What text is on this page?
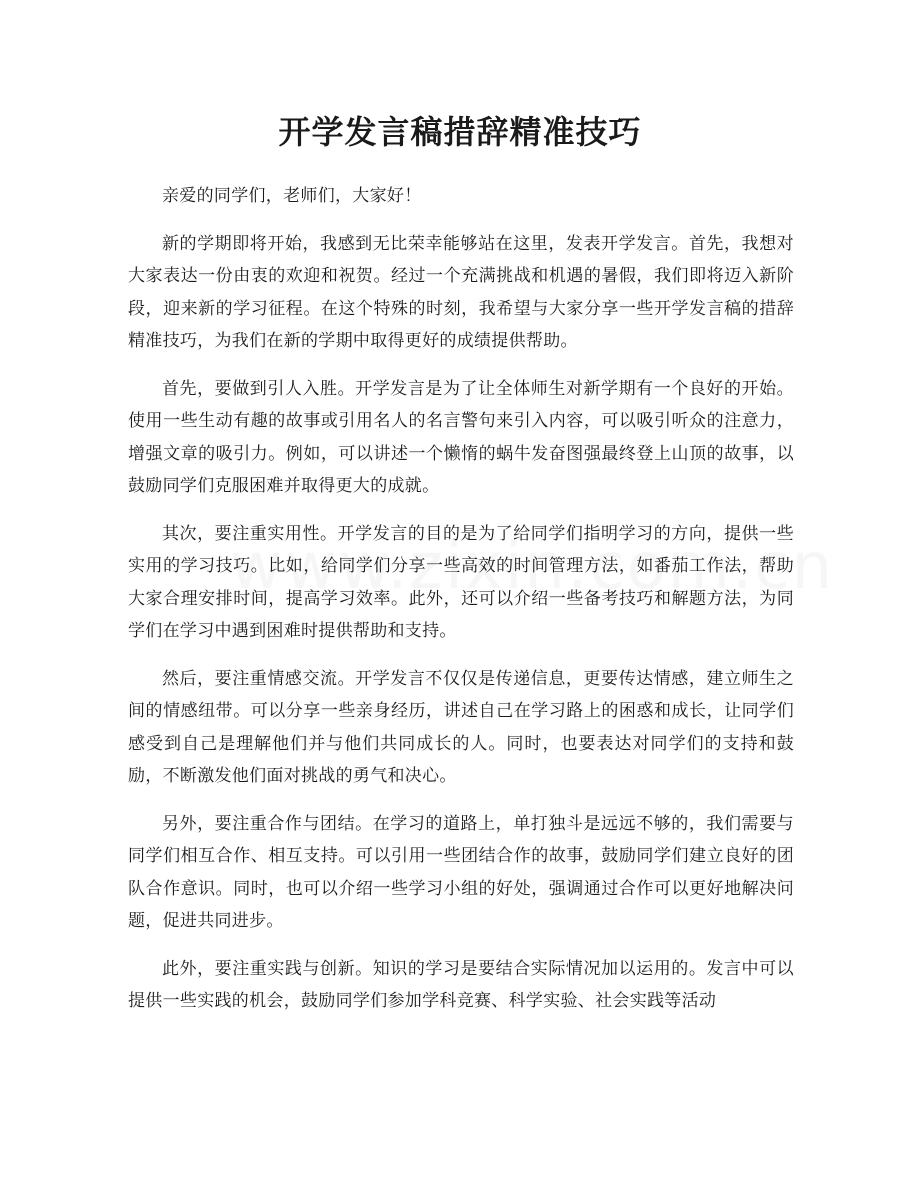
开学发言稿措辞精准技巧

亲爱的同学们，老师们，大家好！

新的学期即将开始，我感到无比荣幸能够站在这里，发表开学发言。首先，我想对大家表达一份由衷的欢迎和祝贺。经过一个充满挑战和机遇的暑假，我们即将迈入新阶段，迎来新的学习征程。在这个特殊的时刻，我希望与大家分享一些开学发言稿的措辞精准技巧，为我们在新的学期中取得更好的成绩提供帮助。

首先，要做到引人入胜。开学发言是为了让全体师生对新学期有一个良好的开始。使用一些生动有趣的故事或引用名人的名言警句来引入内容，可以吸引听众的注意力，增强文章的吸引力。例如，可以讲述一个懒惰的蜗牛发奋图强最终登上山顶的故事，以鼓励同学们克服困难并取得更大的成就。

其次，要注重实用性。开学发言的目的是为了给同学们指明学习的方向，提供一些实用的学习技巧。比如，给同学们分享一些高效的时间管理方法，如番茄工作法，帮助大家合理安排时间，提高学习效率。此外，还可以介绍一些备考技巧和解题方法，为同学们在学习中遇到困难时提供帮助和支持。

然后，要注重情感交流。开学发言不仅仅是传递信息，更要传达情感，建立师生之间的情感纽带。可以分享一些亲身经历，讲述自己在学习路上的困惑和成长，让同学们感受到自己是理解他们并与他们共同成长的人。同时，也要表达对同学们的支持和鼓励，不断激发他们面对挑战的勇气和决心。

另外，要注重合作与团结。在学习的道路上，单打独斗是远远不够的，我们需要与同学们相互合作、相互支持。可以引用一些团结合作的故事，鼓励同学们建立良好的团队合作意识。同时，也可以介绍一些学习小组的好处，强调通过合作可以更好地解决问题，促进共同进步。

此外，要注重实践与创新。知识的学习是要结合实际情况加以运用的。发言中可以提供一些实践的机会，鼓励同学们参加学科竞赛、科学实验、社会实践等活动
